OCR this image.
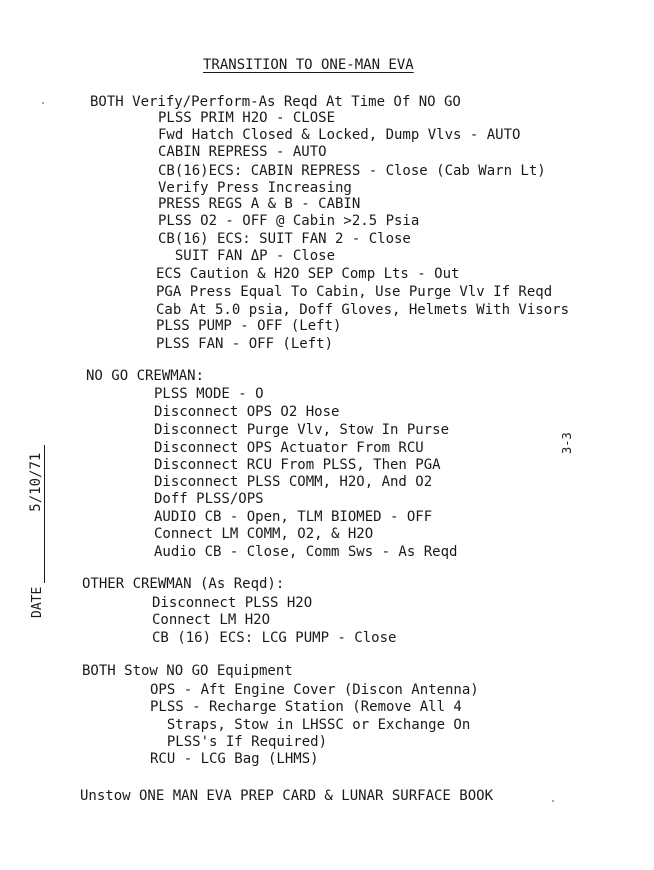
TRANSITION TO ONE-MAN EVA
BOTH Verify/Perform-As Reqd At Time Of NO GO
PLSS PRIM H2O - CLOSE
Fwd Hatch Closed & Locked, Dump Vlvs - AUTO
CABIN REPRESS - AUTO
CB(16)ECS: CABIN REPRESS - Close (Cab Warn Lt)
Verify Press Increasing
PRESS REGS A & B - CABIN
PLSS O2 - OFF @ Cabin >2.5 Psia
CB(16) ECS: SUIT FAN 2 - Close
SUIT FAN ΔP - Close
ECS Caution & H2O SEP Comp Lts - Out
PGA Press Equal To Cabin, Use Purge Vlv If Reqd
Cab At 5.0 psia, Doff Gloves, Helmets With Visors
PLSS PUMP - OFF (Left)
PLSS FAN - OFF (Left)
NO GO CREWMAN:
PLSS MODE - O
Disconnect OPS O2 Hose
Disconnect Purge Vlv, Stow In Purse
Disconnect OPS Actuator From RCU
Disconnect RCU From PLSS, Then PGA
Disconnect PLSS COMM, H2O, And O2
Doff PLSS/OPS
AUDIO CB - Open, TLM BIOMED - OFF
Connect LM COMM, O2, & H2O
Audio CB - Close, Comm Sws - As Reqd
OTHER CREWMAN (As Reqd):
Disconnect PLSS H2O
Connect LM H2O
CB (16) ECS: LCG PUMP - Close
BOTH Stow NO GO Equipment
OPS - Aft Engine Cover (Discon Antenna)
PLSS - Recharge Station (Remove All 4
Straps, Stow in LHSSC or Exchange On
PLSS's If Required)
RCU - LCG Bag (LHMS)
Unstow ONE MAN EVA PREP CARD & LUNAR SURFACE BOOK
3-3
DATE
5/10/71
